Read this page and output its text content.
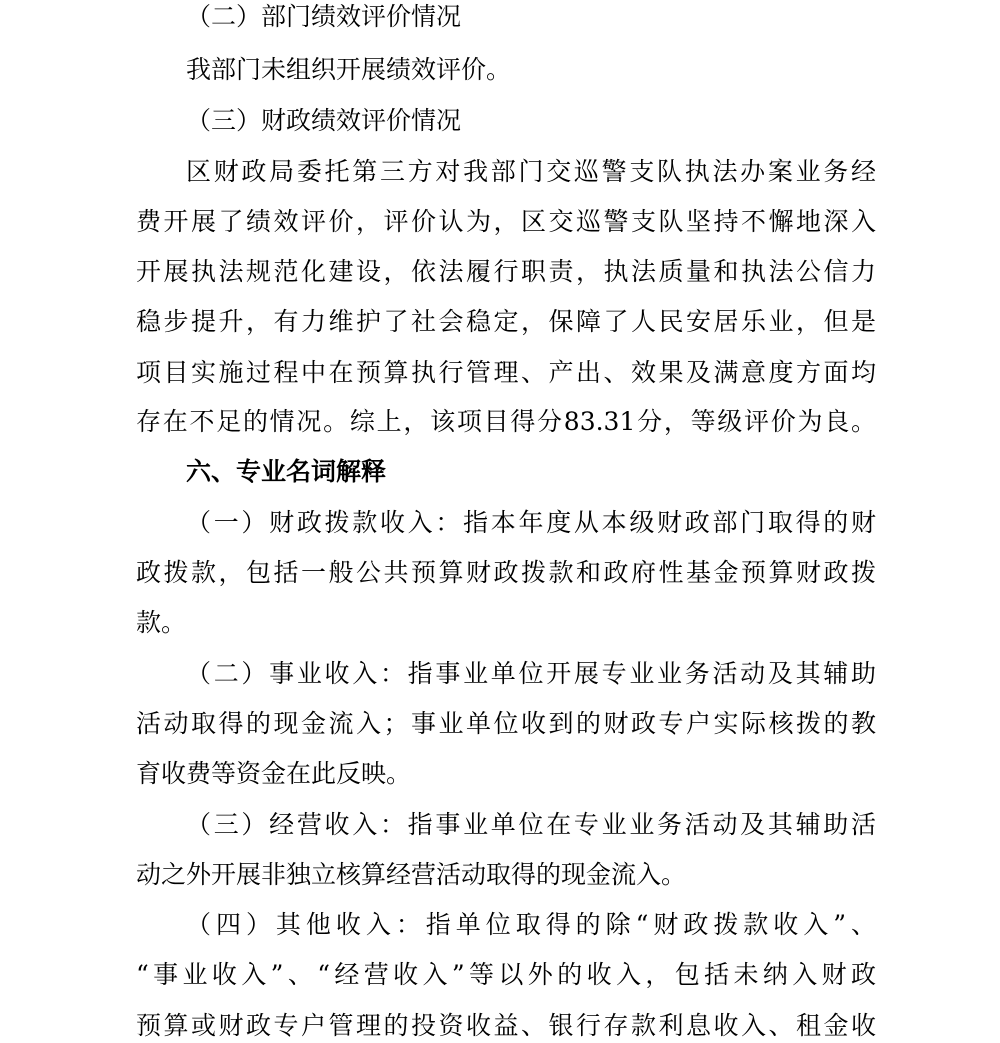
（二）部门绩效评价情况
我部门未组织开展绩效评价。
（三）财政绩效评价情况
区财政局委托第三方对我部门交巡警支队执法办案业务经
费开展了绩效评价，评价认为，区交巡警支队坚持不懈地深入
开展执法规范化建设，依法履行职责，执法质量和执法公信力
稳步提升，有力维护了社会稳定，保障了人民安居乐业，但是
项目实施过程中在预算执行管理、产出、效果及满意度方面均
存在不足的情况。综上，该项目得分83.31分，等级评价为良。
六、专业名词解释
（一）财政拨款收入：指本年度从本级财政部门取得的财
政拨款，包括一般公共预算财政拨款和政府性基金预算财政拨
款。
（二）事业收入：指事业单位开展专业业务活动及其辅助
活动取得的现金流入；事业单位收到的财政专户实际核拨的教
育收费等资金在此反映。
（三）经营收入：指事业单位在专业业务活动及其辅助活
动之外开展非独立核算经营活动取得的现金流入。
（四）其他收入：指单位取得的除“财政拨款收入”、
“事业收入”、“经营收入”等以外的收入，包括未纳入财政
预算或财政专户管理的投资收益、银行存款利息收入、租金收
